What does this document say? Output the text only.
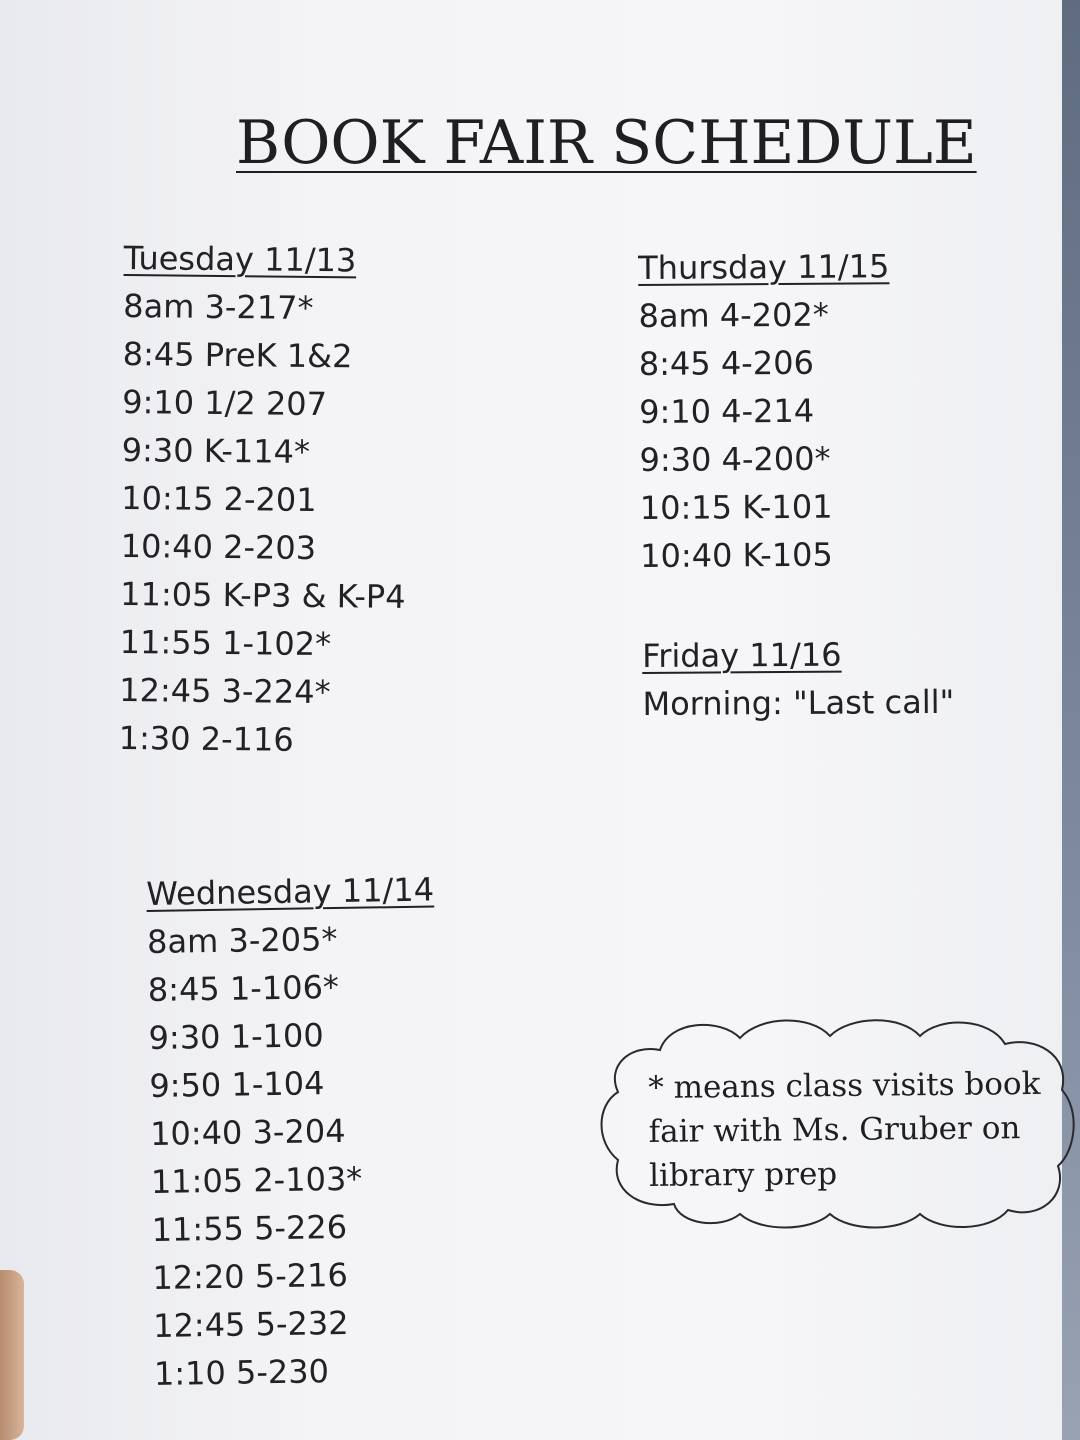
BOOK FAIR SCHEDULE
Tuesday 11/13
8am 3-217*
8:45 PreK 1&2
9:10 1/2 207
9:30 K-114*
10:15 2-201
10:40 2-203
11:05 K-P3 & K-P4
11:55 1-102*
12:45 3-224*
1:30 2-116
Wednesday 11/14
8am 3-205*
8:45 1-106*
9:30 1-100
9:50 1-104
10:40 3-204
11:05 2-103*
11:55 5-226
12:20 5-216
12:45 5-232
1:10 5-230
Thursday 11/15
8am 4-202*
8:45 4-206
9:10 4-214
9:30 4-200*
10:15 K-101
10:40 K-105
Friday 11/16
Morning: "Last call"
* means class visits book
fair with Ms. Gruber on
library prep
